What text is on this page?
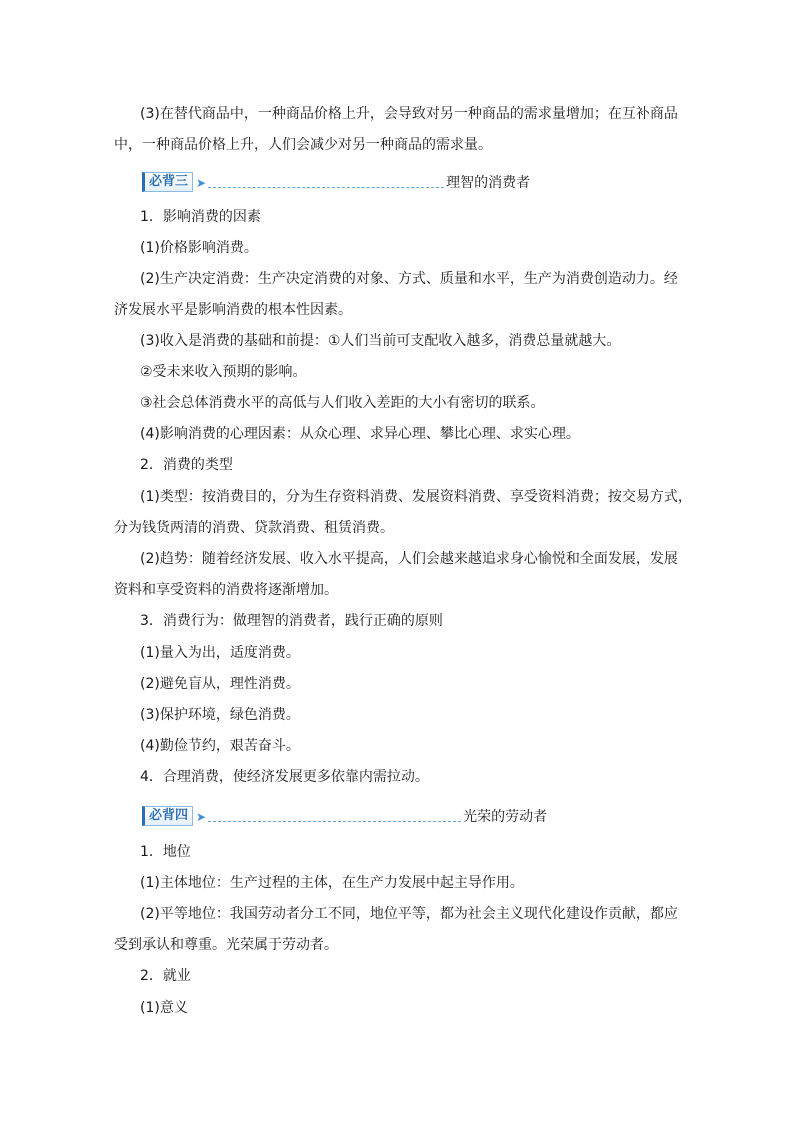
(3)在替代商品中，一种商品价格上升，会导致对另一种商品的需求量增加；在互补商品
中，一种商品价格上升，人们会减少对另一种商品的需求量。
必背三 ➤	理智的消费者
1．影响消费的因素
(1)价格影响消费。
(2)生产决定消费：生产决定消费的对象、方式、质量和水平，生产为消费创造动力。经
济发展水平是影响消费的根本性因素。
(3)收入是消费的基础和前提：①人们当前可支配收入越多，消费总量就越大。
②受未来收入预期的影响。
③社会总体消费水平的高低与人们收入差距的大小有密切的联系。
(4)影响消费的心理因素：从众心理、求异心理、攀比心理、求实心理。
2．消费的类型
(1)类型：按消费目的，分为生存资料消费、发展资料消费、享受资料消费；按交易方式，
分为钱货两清的消费、贷款消费、租赁消费。
(2)趋势：随着经济发展、收入水平提高，人们会越来越追求身心愉悦和全面发展，发展
资料和享受资料的消费将逐渐增加。
3．消费行为：做理智的消费者，践行正确的原则
(1)量入为出，适度消费。
(2)避免盲从，理性消费。
(3)保护环境，绿色消费。
(4)勤俭节约，艰苦奋斗。
4．合理消费，使经济发展更多依靠内需拉动。
必背四 ➤	光荣的劳动者
1．地位
(1)主体地位：生产过程的主体，在生产力发展中起主导作用。
(2)平等地位：我国劳动者分工不同，地位平等，都为社会主义现代化建设作贡献，都应
受到承认和尊重。光荣属于劳动者。
2．就业
(1)意义
